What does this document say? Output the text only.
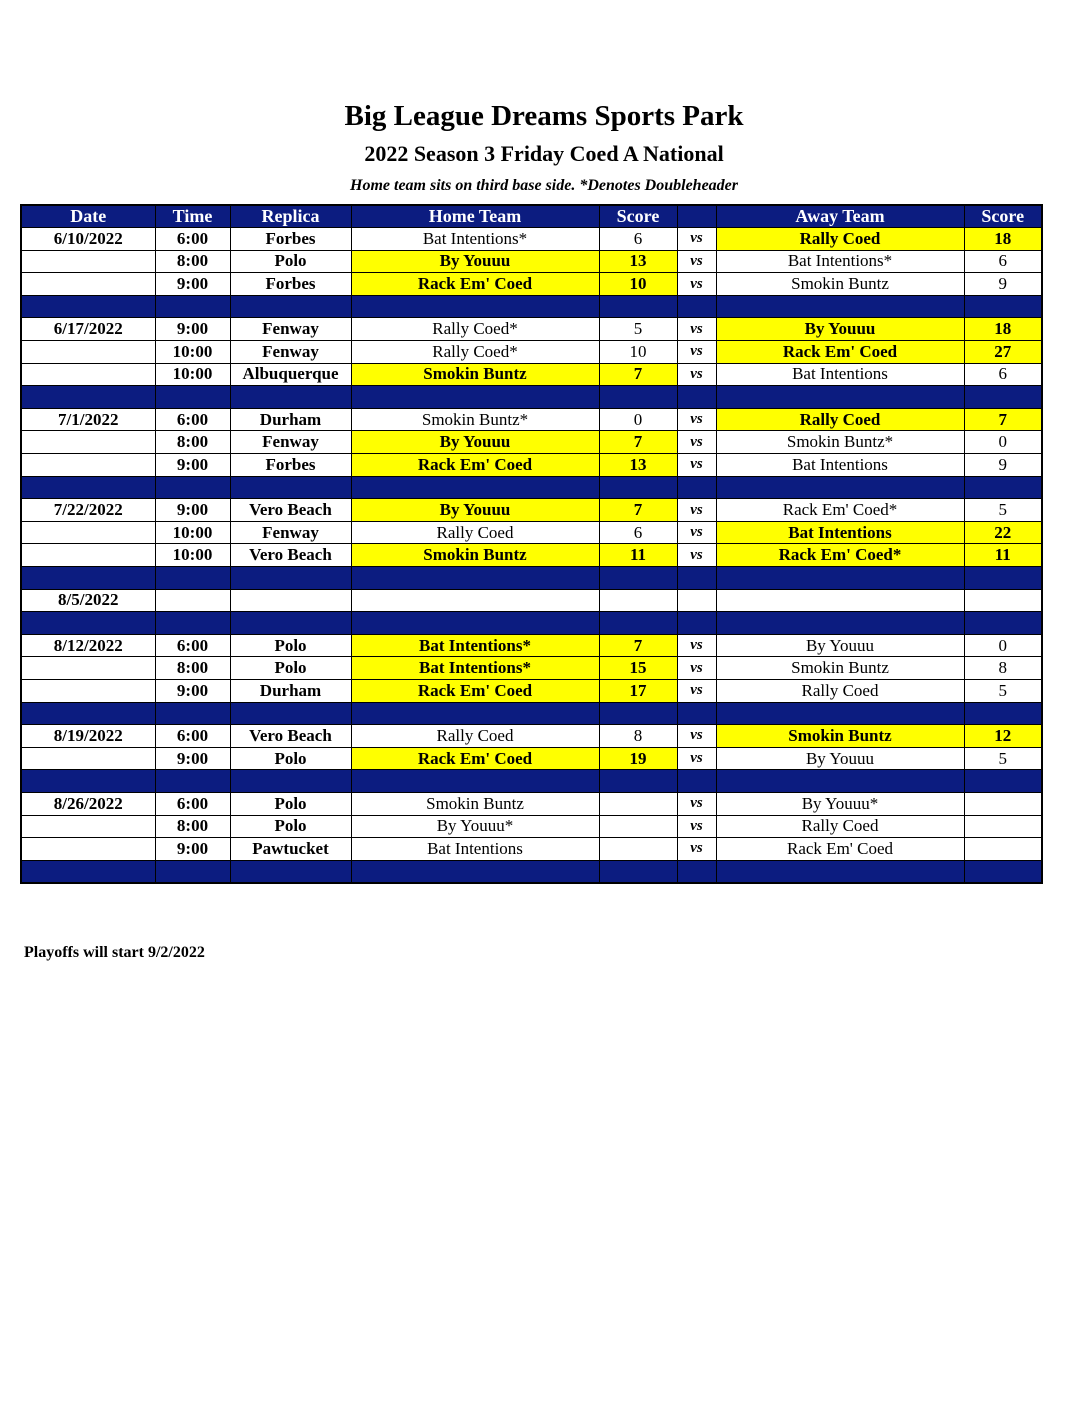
Big League Dreams Sports Park
2022 Season 3 Friday Coed A National
Home team sits on third base side. *Denotes Doubleheader
Date	Time	Replica	Home Team	Score		Away Team	Score
6/10/2022	6:00	Forbes	Bat Intentions*	6	vs	Rally Coed	18
	8:00	Polo	By Youuu	13	vs	Bat Intentions*	6
	9:00	Forbes	Rack Em' Coed	10	vs	Smokin Buntz	9

6/17/2022	9:00	Fenway	Rally Coed*	5	vs	By Youuu	18
	10:00	Fenway	Rally Coed*	10	vs	Rack Em' Coed	27
	10:00	Albuquerque	Smokin Buntz	7	vs	Bat Intentions	6

7/1/2022	6:00	Durham	Smokin Buntz*	0	vs	Rally Coed	7
	8:00	Fenway	By Youuu	7	vs	Smokin Buntz*	0
	9:00	Forbes	Rack Em' Coed	13	vs	Bat Intentions	9

7/22/2022	9:00	Vero Beach	By Youuu	7	vs	Rack Em' Coed*	5
	10:00	Fenway	Rally Coed	6	vs	Bat Intentions	22
	10:00	Vero Beach	Smokin Buntz	11	vs	Rack Em' Coed*	11

8/5/2022							

8/12/2022	6:00	Polo	Bat Intentions*	7	vs	By Youuu	0
	8:00	Polo	Bat Intentions*	15	vs	Smokin Buntz	8
	9:00	Durham	Rack Em' Coed	17	vs	Rally Coed	5

8/19/2022	6:00	Vero Beach	Rally Coed	8	vs	Smokin Buntz	12
	9:00	Polo	Rack Em' Coed	19	vs	By Youuu	5

8/26/2022	6:00	Polo	Smokin Buntz		vs	By Youuu*	
	8:00	Polo	By Youuu*		vs	Rally Coed	
	9:00	Pawtucket	Bat Intentions		vs	Rack Em' Coed	

Playoffs will start 9/2/2022
